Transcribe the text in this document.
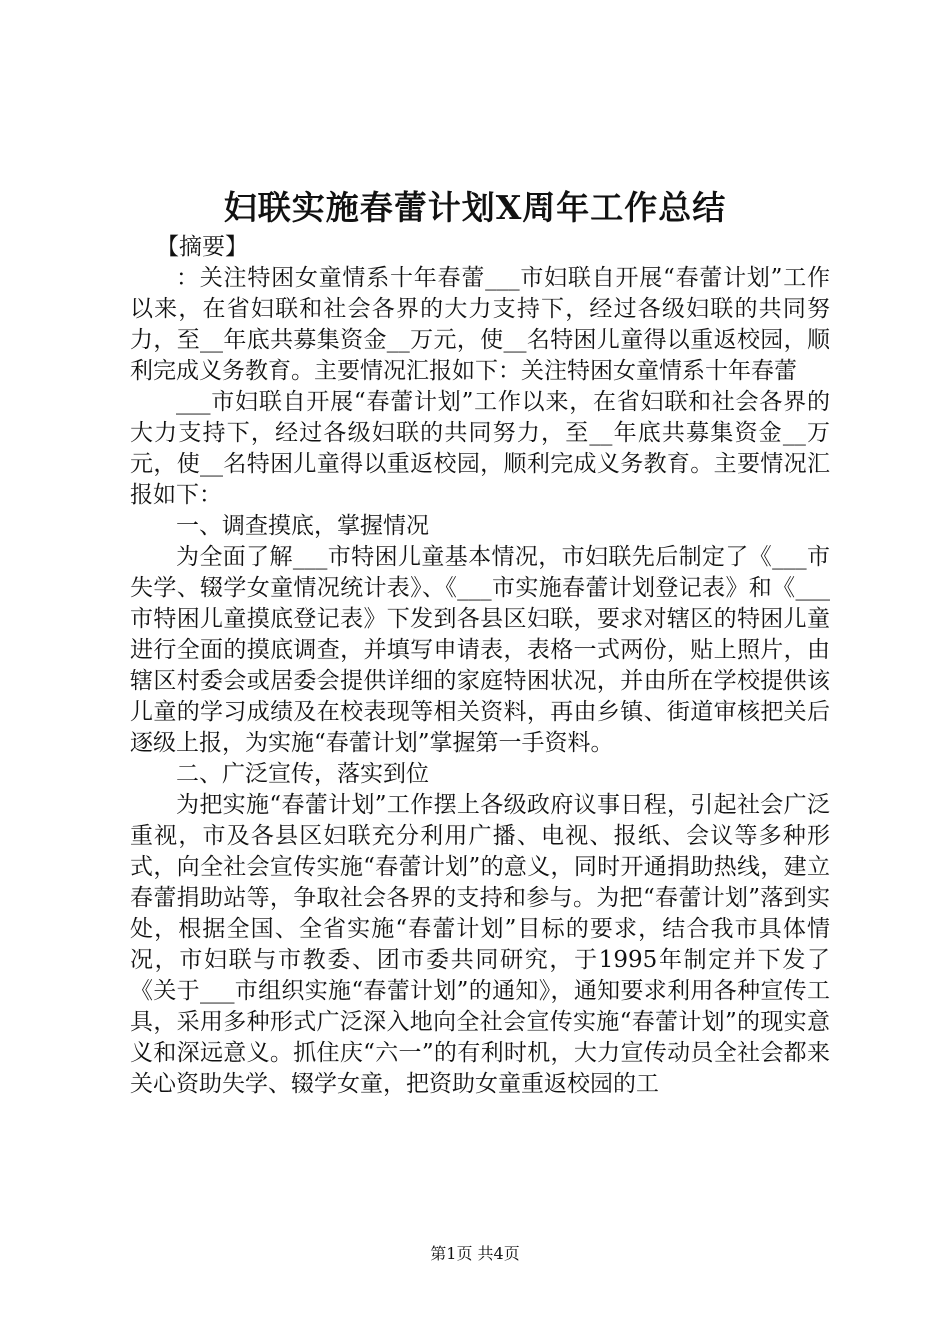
妇联实施春蕾计划X周年工作总结

【摘要】

：关注特困女童情系十年春蕾___市妇联自开展“春蕾计划”工作以来，在省妇联和社会各界的大力支持下，经过各级妇联的共同努力，至__年底共募集资金__万元，使__名特困儿童得以重返校园，顺利完成义务教育。主要情况汇报如下：关注特困女童情系十年春蕾

___市妇联自开展“春蕾计划”工作以来，在省妇联和社会各界的大力支持下，经过各级妇联的共同努力，至__年底共募集资金__万元，使__名特困儿童得以重返校园，顺利完成义务教育。主要情况汇报如下：

一、调查摸底，掌握情况

为全面了解___市特困儿童基本情况，市妇联先后制定了《___市失学、辍学女童情况统计表》、《___市实施春蕾计划登记表》和《___市特困儿童摸底登记表》下发到各县区妇联，要求对辖区的特困儿童进行全面的摸底调查，并填写申请表，表格一式两份，贴上照片，由辖区村委会或居委会提供详细的家庭特困状况，并由所在学校提供该儿童的学习成绩及在校表现等相关资料，再由乡镇、街道审核把关后逐级上报，为实施“春蕾计划”掌握第一手资料。

二、广泛宣传，落实到位

为把实施“春蕾计划”工作摆上各级政府议事日程，引起社会广泛重视，市及各县区妇联充分利用广播、电视、报纸、会议等多种形式，向全社会宣传实施“春蕾计划”的意义，同时开通捐助热线，建立春蕾捐助站等，争取社会各界的支持和参与。为把“春蕾计划”落到实处，根据全国、全省实施“春蕾计划”目标的要求，结合我市具体情况，市妇联与市教委、团市委共同研究，于1995年制定并下发了《关于___市组织实施“春蕾计划”的通知》，通知要求利用各种宣传工具，采用多种形式广泛深入地向全社会宣传实施“春蕾计划”的现实意义和深远意义。抓住庆“六一”的有利时机，大力宣传动员全社会都来关心资助失学、辍学女童，把资助女童重返校园的工

第1页 共4页
